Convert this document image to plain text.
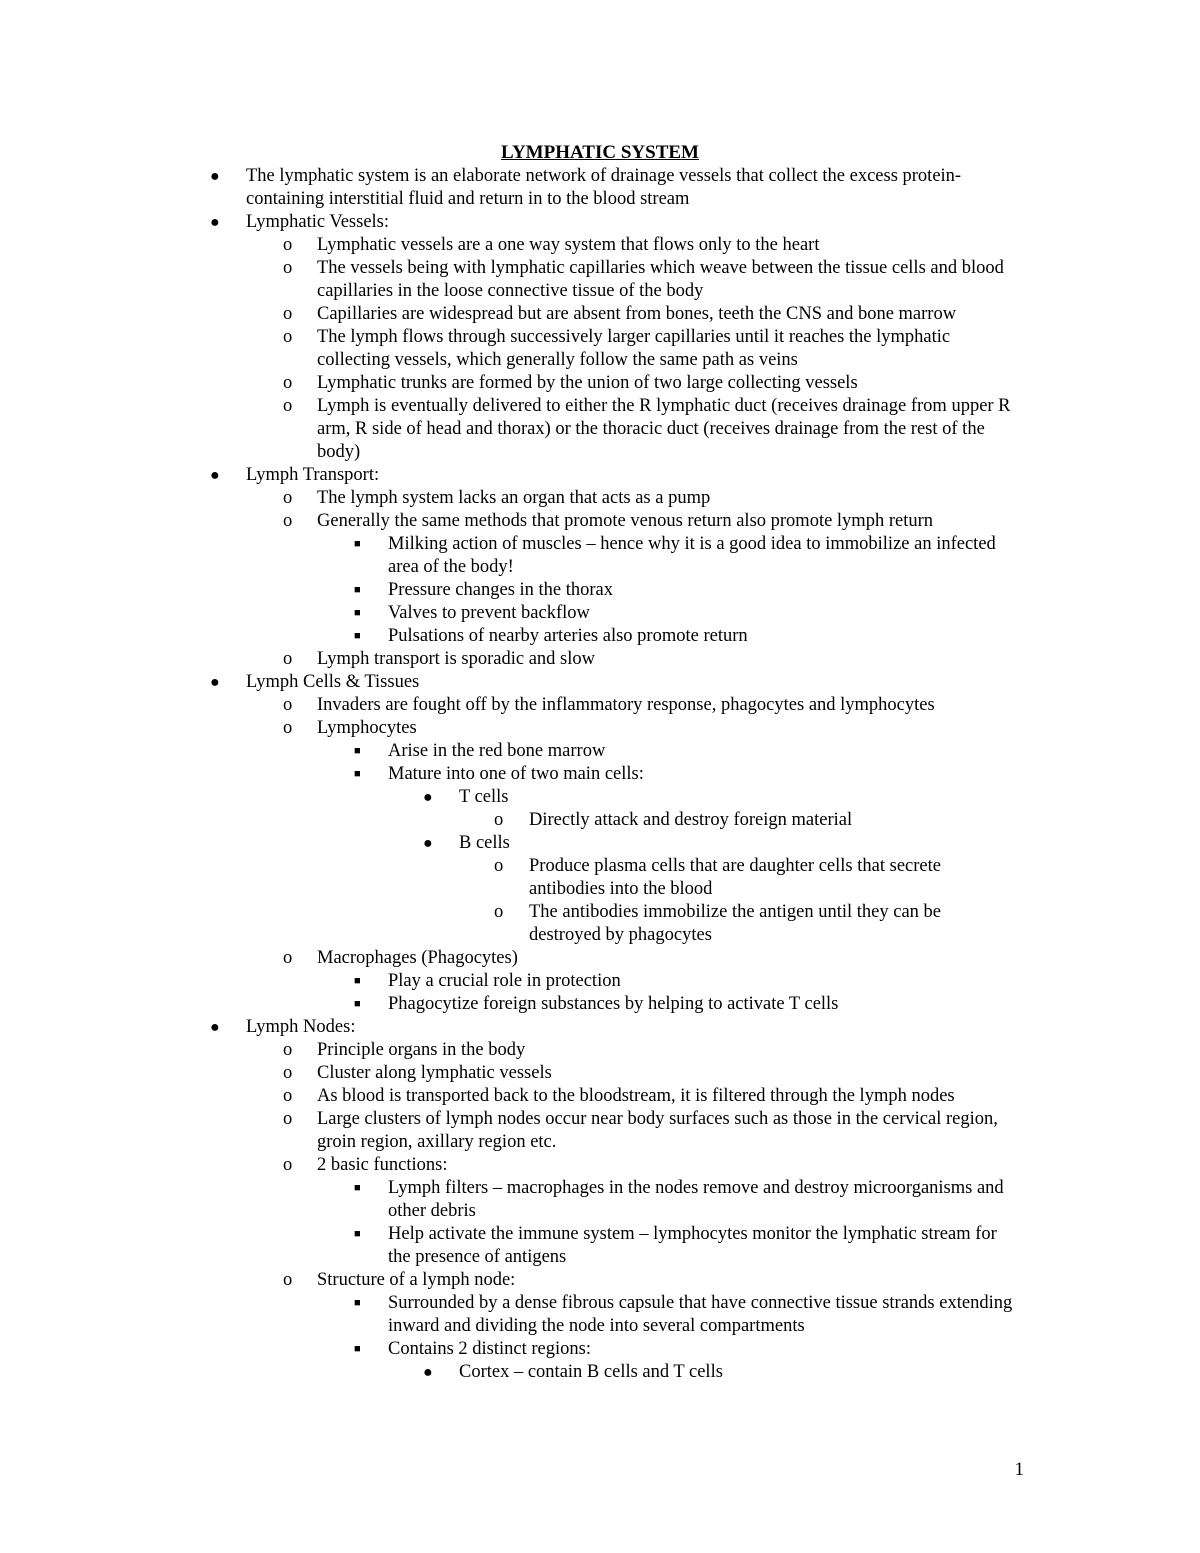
LYMPHATIC SYSTEM
● The lymphatic system is an elaborate network of drainage vessels that collect the excess protein-containing interstitial fluid and return in to the blood stream
● Lymphatic Vessels:
o Lymphatic vessels are a one way system that flows only to the heart
o The vessels being with lymphatic capillaries which weave between the tissue cells and blood capillaries in the loose connective tissue of the body
o Capillaries are widespread but are absent from bones, teeth the CNS and bone marrow
o The lymph flows through successively larger capillaries until it reaches the lymphatic collecting vessels, which generally follow the same path as veins
o Lymphatic trunks are formed by the union of two large collecting vessels
o Lymph is eventually delivered to either the R lymphatic duct (receives drainage from upper R arm, R side of head and thorax) or the thoracic duct (receives drainage from the rest of the body)
● Lymph Transport:
o The lymph system lacks an organ that acts as a pump
o Generally the same methods that promote venous return also promote lymph return
■ Milking action of muscles – hence why it is a good idea to immobilize an infected area of the body!
■ Pressure changes in the thorax
■ Valves to prevent backflow
■ Pulsations of nearby arteries also promote return
o Lymph transport is sporadic and slow
● Lymph Cells & Tissues
o Invaders are fought off by the inflammatory response, phagocytes and lymphocytes
o Lymphocytes
■ Arise in the red bone marrow
■ Mature into one of two main cells:
● T cells
o Directly attack and destroy foreign material
● B cells
o Produce plasma cells that are daughter cells that secrete antibodies into the blood
o The antibodies immobilize the antigen until they can be destroyed by phagocytes
o Macrophages (Phagocytes)
■ Play a crucial role in protection
■ Phagocytize foreign substances by helping to activate T cells
● Lymph Nodes:
o Principle organs in the body
o Cluster along lymphatic vessels
o As blood is transported back to the bloodstream, it is filtered through the lymph nodes
o Large clusters of lymph nodes occur near body surfaces such as those in the cervical region, groin region, axillary region etc.
o 2 basic functions:
■ Lymph filters – macrophages in the nodes remove and destroy microorganisms and other debris
■ Help activate the immune system – lymphocytes monitor the lymphatic stream for the presence of antigens
o Structure of a lymph node:
■ Surrounded by a dense fibrous capsule that have connective tissue strands extending inward and dividing the node into several compartments
■ Contains 2 distinct regions:
● Cortex – contain B cells and T cells
1
